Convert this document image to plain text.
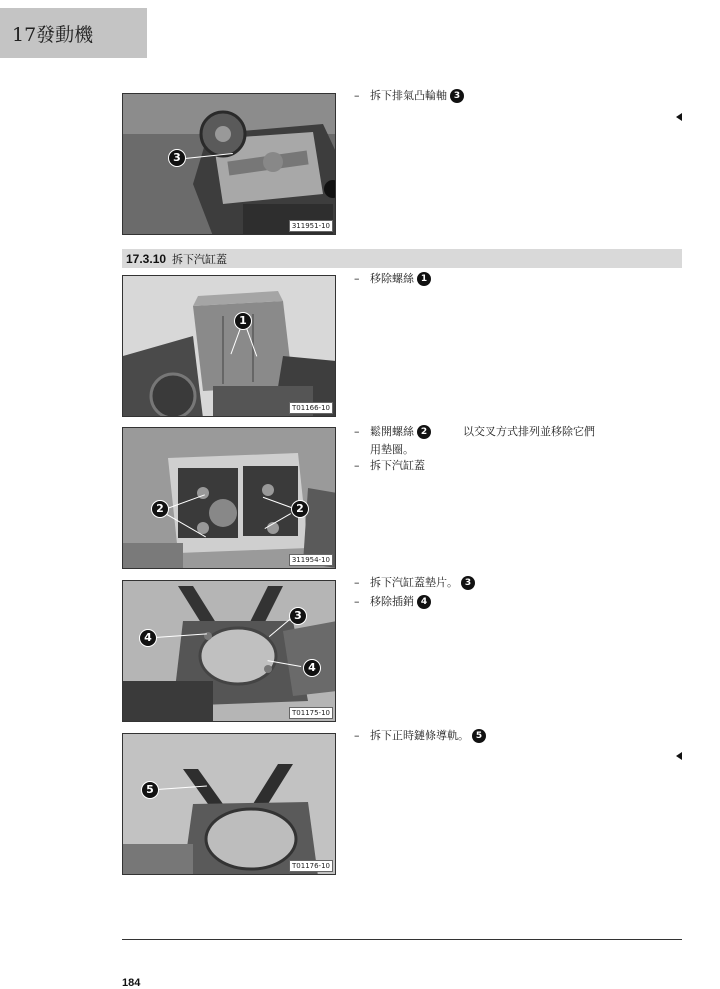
17發動機
3
311951-10
– 拆下排氣凸輪軸 3
17.3.10 拆下汽缸蓋
1
T01166-10
– 移除螺絲 1
2	2
311954-10
– 鬆開螺絲 2	以交叉方式排列並移除它們
用墊圈。
– 拆下汽缸蓋
3
4
4
T01175-10
– 拆下汽缸蓋墊片。 3
– 移除插銷 4
5
T01176-10
– 拆下正時鏈條導軌。 5
184
